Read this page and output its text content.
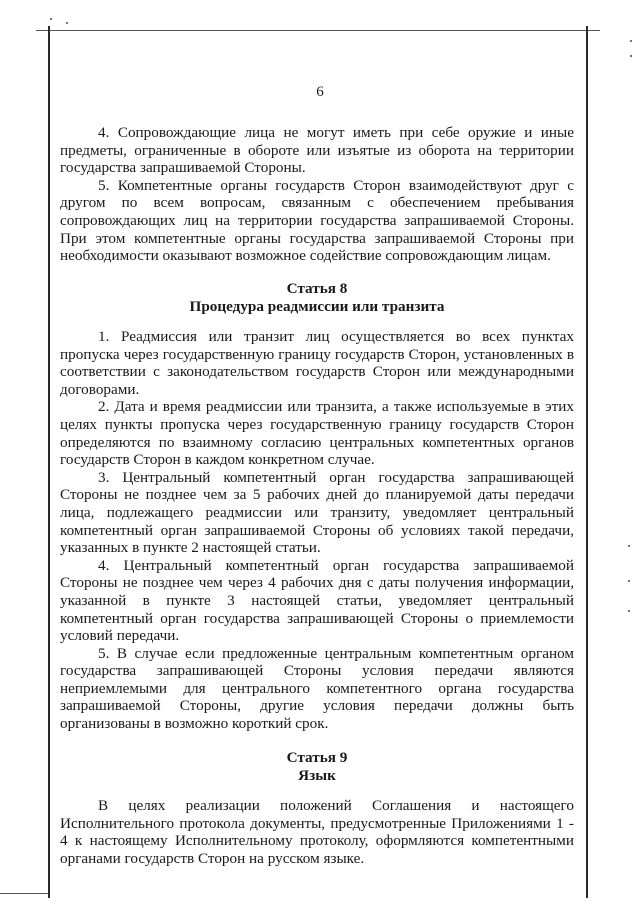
6

4. Сопровождающие лица не могут иметь при себе оружие и иные предметы, ограниченные в обороте или изъятые из оборота на территории государства запрашиваемой Стороны.

5. Компетентные органы государств Сторон взаимодействуют друг с другом по всем вопросам, связанным с обеспечением пребывания сопровождающих лиц на территории государства запрашиваемой Стороны. При этом компетентные органы государства запрашиваемой Стороны при необходимости оказывают возможное содействие сопровождающим лицам.

Статья 8
Процедура реадмиссии или транзита

1. Реадмиссия или транзит лиц осуществляется во всех пунктах пропуска через государственную границу государств Сторон, установленных в соответствии с законодательством государств Сторон или международными договорами.

2. Дата и время реадмиссии или транзита, а также используемые в этих целях пункты пропуска через государственную границу государств Сторон определяются по взаимному согласию центральных компетентных органов государств Сторон в каждом конкретном случае.

3. Центральный компетентный орган государства запрашивающей Стороны не позднее чем за 5 рабочих дней до планируемой даты передачи лица, подлежащего реадмиссии или транзиту, уведомляет центральный компетентный орган запрашиваемой Стороны об условиях такой передачи, указанных в пункте 2 настоящей статьи.

4. Центральный компетентный орган государства запрашиваемой Стороны не позднее чем через 4 рабочих дня с даты получения информации, указанной в пункте 3 настоящей статьи, уведомляет центральный компетентный орган государства запрашивающей Стороны о приемлемости условий передачи.

5. В случае если предложенные центральным компетентным органом государства запрашивающей Стороны условия передачи являются неприемлемыми для центрального компетентного органа государства запрашиваемой Стороны, другие условия передачи должны быть организованы в возможно короткий срок.

Статья 9
Язык

В целях реализации положений Соглашения и настоящего Исполнительного протокола документы, предусмотренные Приложениями 1 - 4 к настоящему Исполнительному протоколу, оформляются компетентными органами государств Сторон на русском языке.
